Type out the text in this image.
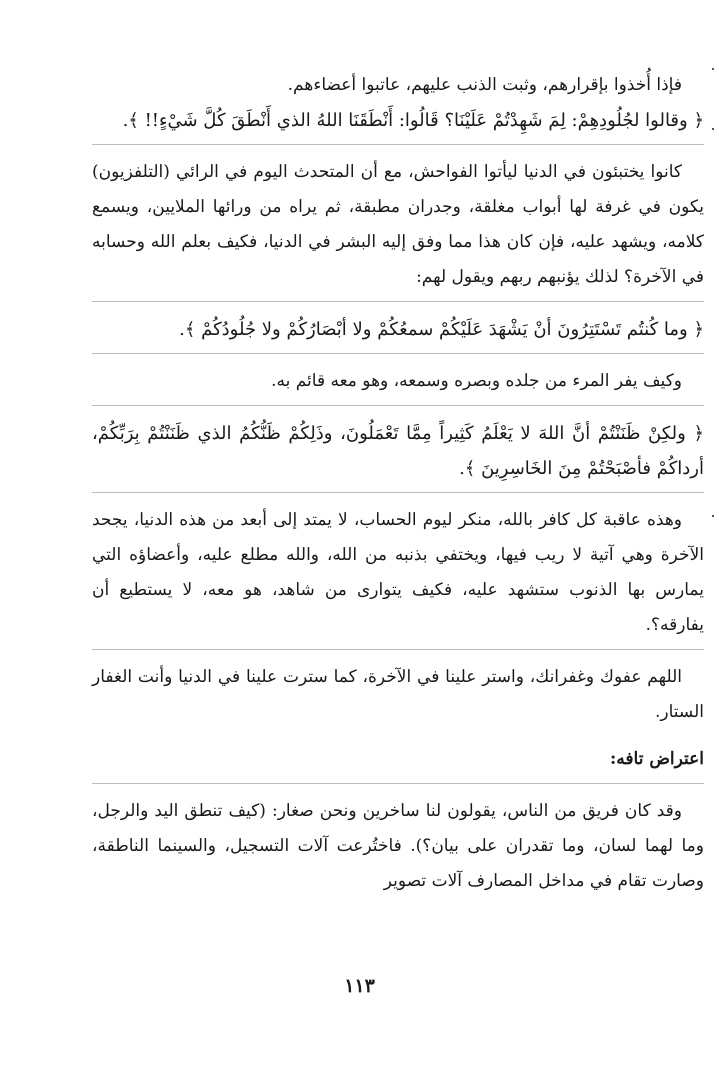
فإذا أُخذوا بإقرارهم، وثبت الذنب عليهم، عاتبوا أعضاءهم.

﴿ وقالوا لجُلُودِهِمْ: لِمَ شَهِدْتُمْ عَلَيْنَا؟ قَالُوا: أَنْطَقَنَا اللهُ الذي أَنْطَقَ كُلَّ شَيْءٍ!! ﴾.

كانوا يختبئون في الدنيا ليأتوا الفواحش، مع أن المتحدث اليوم في الرائي (التلفزيون) يكون في غرفة لها أبواب مغلقة، وجدران مطبقة، ثم يراه من ورائها الملايين، ويسمع كلامه، ويشهد عليه، فإن كان هذا مما وفق إليه البشر في الدنيا، فكيف بعلم الله وحسابه في الآخرة؟ لذلك يؤنبهم ربهم ويقول لهم:

﴿ وما كُنتُم تَسْتَتِرُونَ أنْ يَشْهَدَ عَلَيْكُمْ سمعُكُمْ ولا أبْصَارُكُمْ ولا جُلُودُكُمْ ﴾.

وكيف يفر المرء من جلده وبصره وسمعه، وهو معه قائم به.

﴿ ولكِنْ ظَنَنْتُمْ أنَّ اللهَ لا يَعْلَمُ كَثِيراً مِمَّا تَعْمَلُونَ، وذَلِكُمْ ظَنُّكُمُ الذي ظَنَنْتُمْ بِرَبِّكُمْ، أرداكُمْ فأصْبَحْتُمْ مِنَ الخَاسِرِينَ ﴾.

وهذه عاقبة كل كافر بالله، منكر ليوم الحساب، لا يمتد إلى أبعد من هذه الدنيا، يجحد الآخرة وهي آتية لا ريب فيها، ويختفي بذنبه من الله، والله مطلع عليه، وأعضاؤه التي يمارس بها الذنوب ستشهد عليه، فكيف يتوارى من شاهد، هو معه، لا يستطيع أن يفارقه؟.

اللهم عفوك وغفرانك، واستر علينا في الآخرة، كما سترت علينا في الدنيا وأنت الغفار الستار.

اعتراض تافه:

وقد كان فريق من الناس، يقولون لنا ساخرين ونحن صغار: (كيف تنطق اليد والرجل، وما لهما لسان، وما تقدران على بيان؟). فاختُرعت آلات التسجيل، والسينما الناطقة، وصارت تقام في مداخل المصارف آلات تصوير

١١٣
